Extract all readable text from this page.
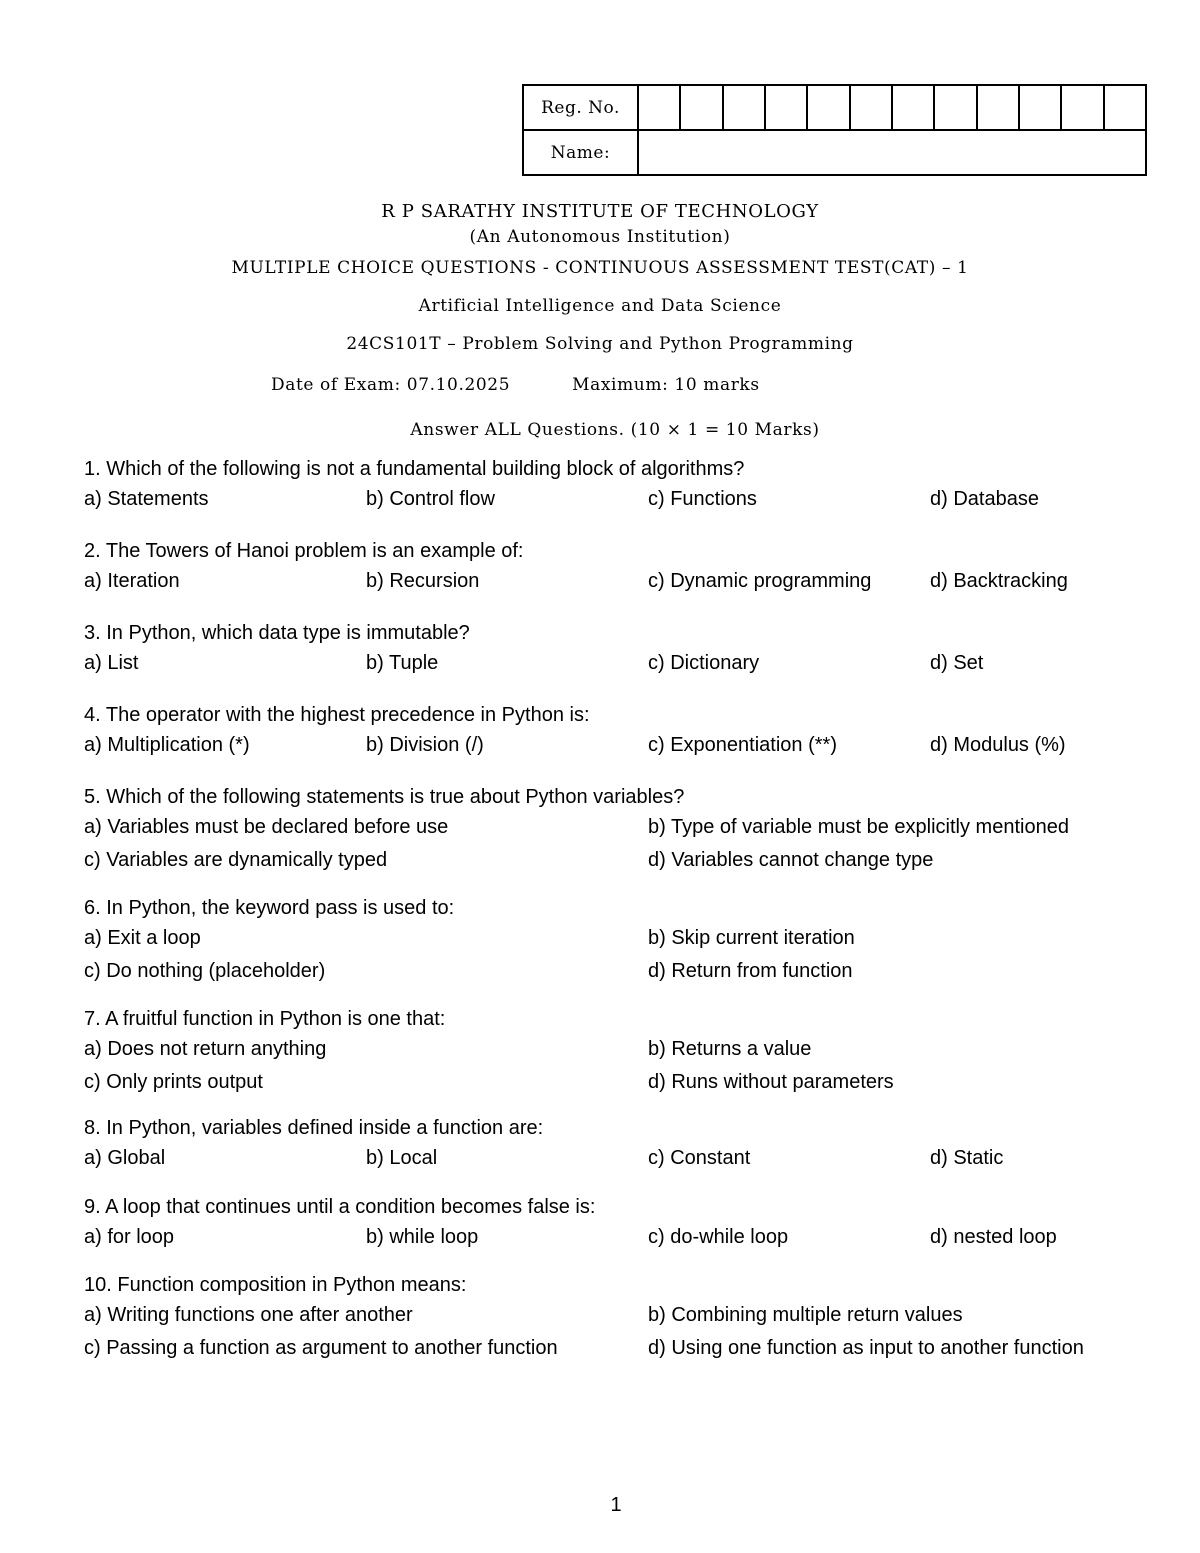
Reg. No.												
Name:												
R P SARATHY INSTITUTE OF TECHNOLOGY
(An Autonomous Institution)
MULTIPLE CHOICE QUESTIONS - CONTINUOUS ASSESSMENT TEST(CAT) – 1
Artificial Intelligence and Data Science
24CS101T – Problem Solving and Python Programming
Date of Exam: 07.10.2025	Maximum: 10 marks
Answer ALL Questions. (10 × 1 = 10 Marks)
1. Which of the following is not a fundamental building block of algorithms?
a) Statements	b) Control flow	c) Functions	d) Database
2. The Towers of Hanoi problem is an example of:
a) Iteration	b) Recursion	c) Dynamic programming	d) Backtracking
3. In Python, which data type is immutable?
a) List	b) Tuple	c) Dictionary	d) Set
4. The operator with the highest precedence in Python is:
a) Multiplication (*)	b) Division (/)	c) Exponentiation (**)	d) Modulus (%)
5. Which of the following statements is true about Python variables?
a) Variables must be declared before use	b) Type of variable must be explicitly mentioned
c) Variables are dynamically typed	d) Variables cannot change type
6. In Python, the keyword pass is used to:
a) Exit a loop	b) Skip current iteration
c) Do nothing (placeholder)	d) Return from function
7. A fruitful function in Python is one that:
a) Does not return anything	b) Returns a value
c) Only prints output	d) Runs without parameters
8. In Python, variables defined inside a function are:
a) Global	b) Local	c) Constant	d) Static
9. A loop that continues until a condition becomes false is:
a) for loop	b) while loop	c) do-while loop	d) nested loop
10. Function composition in Python means:
a) Writing functions one after another	b) Combining multiple return values
c) Passing a function as argument to another function	d) Using one function as input to another function
1
